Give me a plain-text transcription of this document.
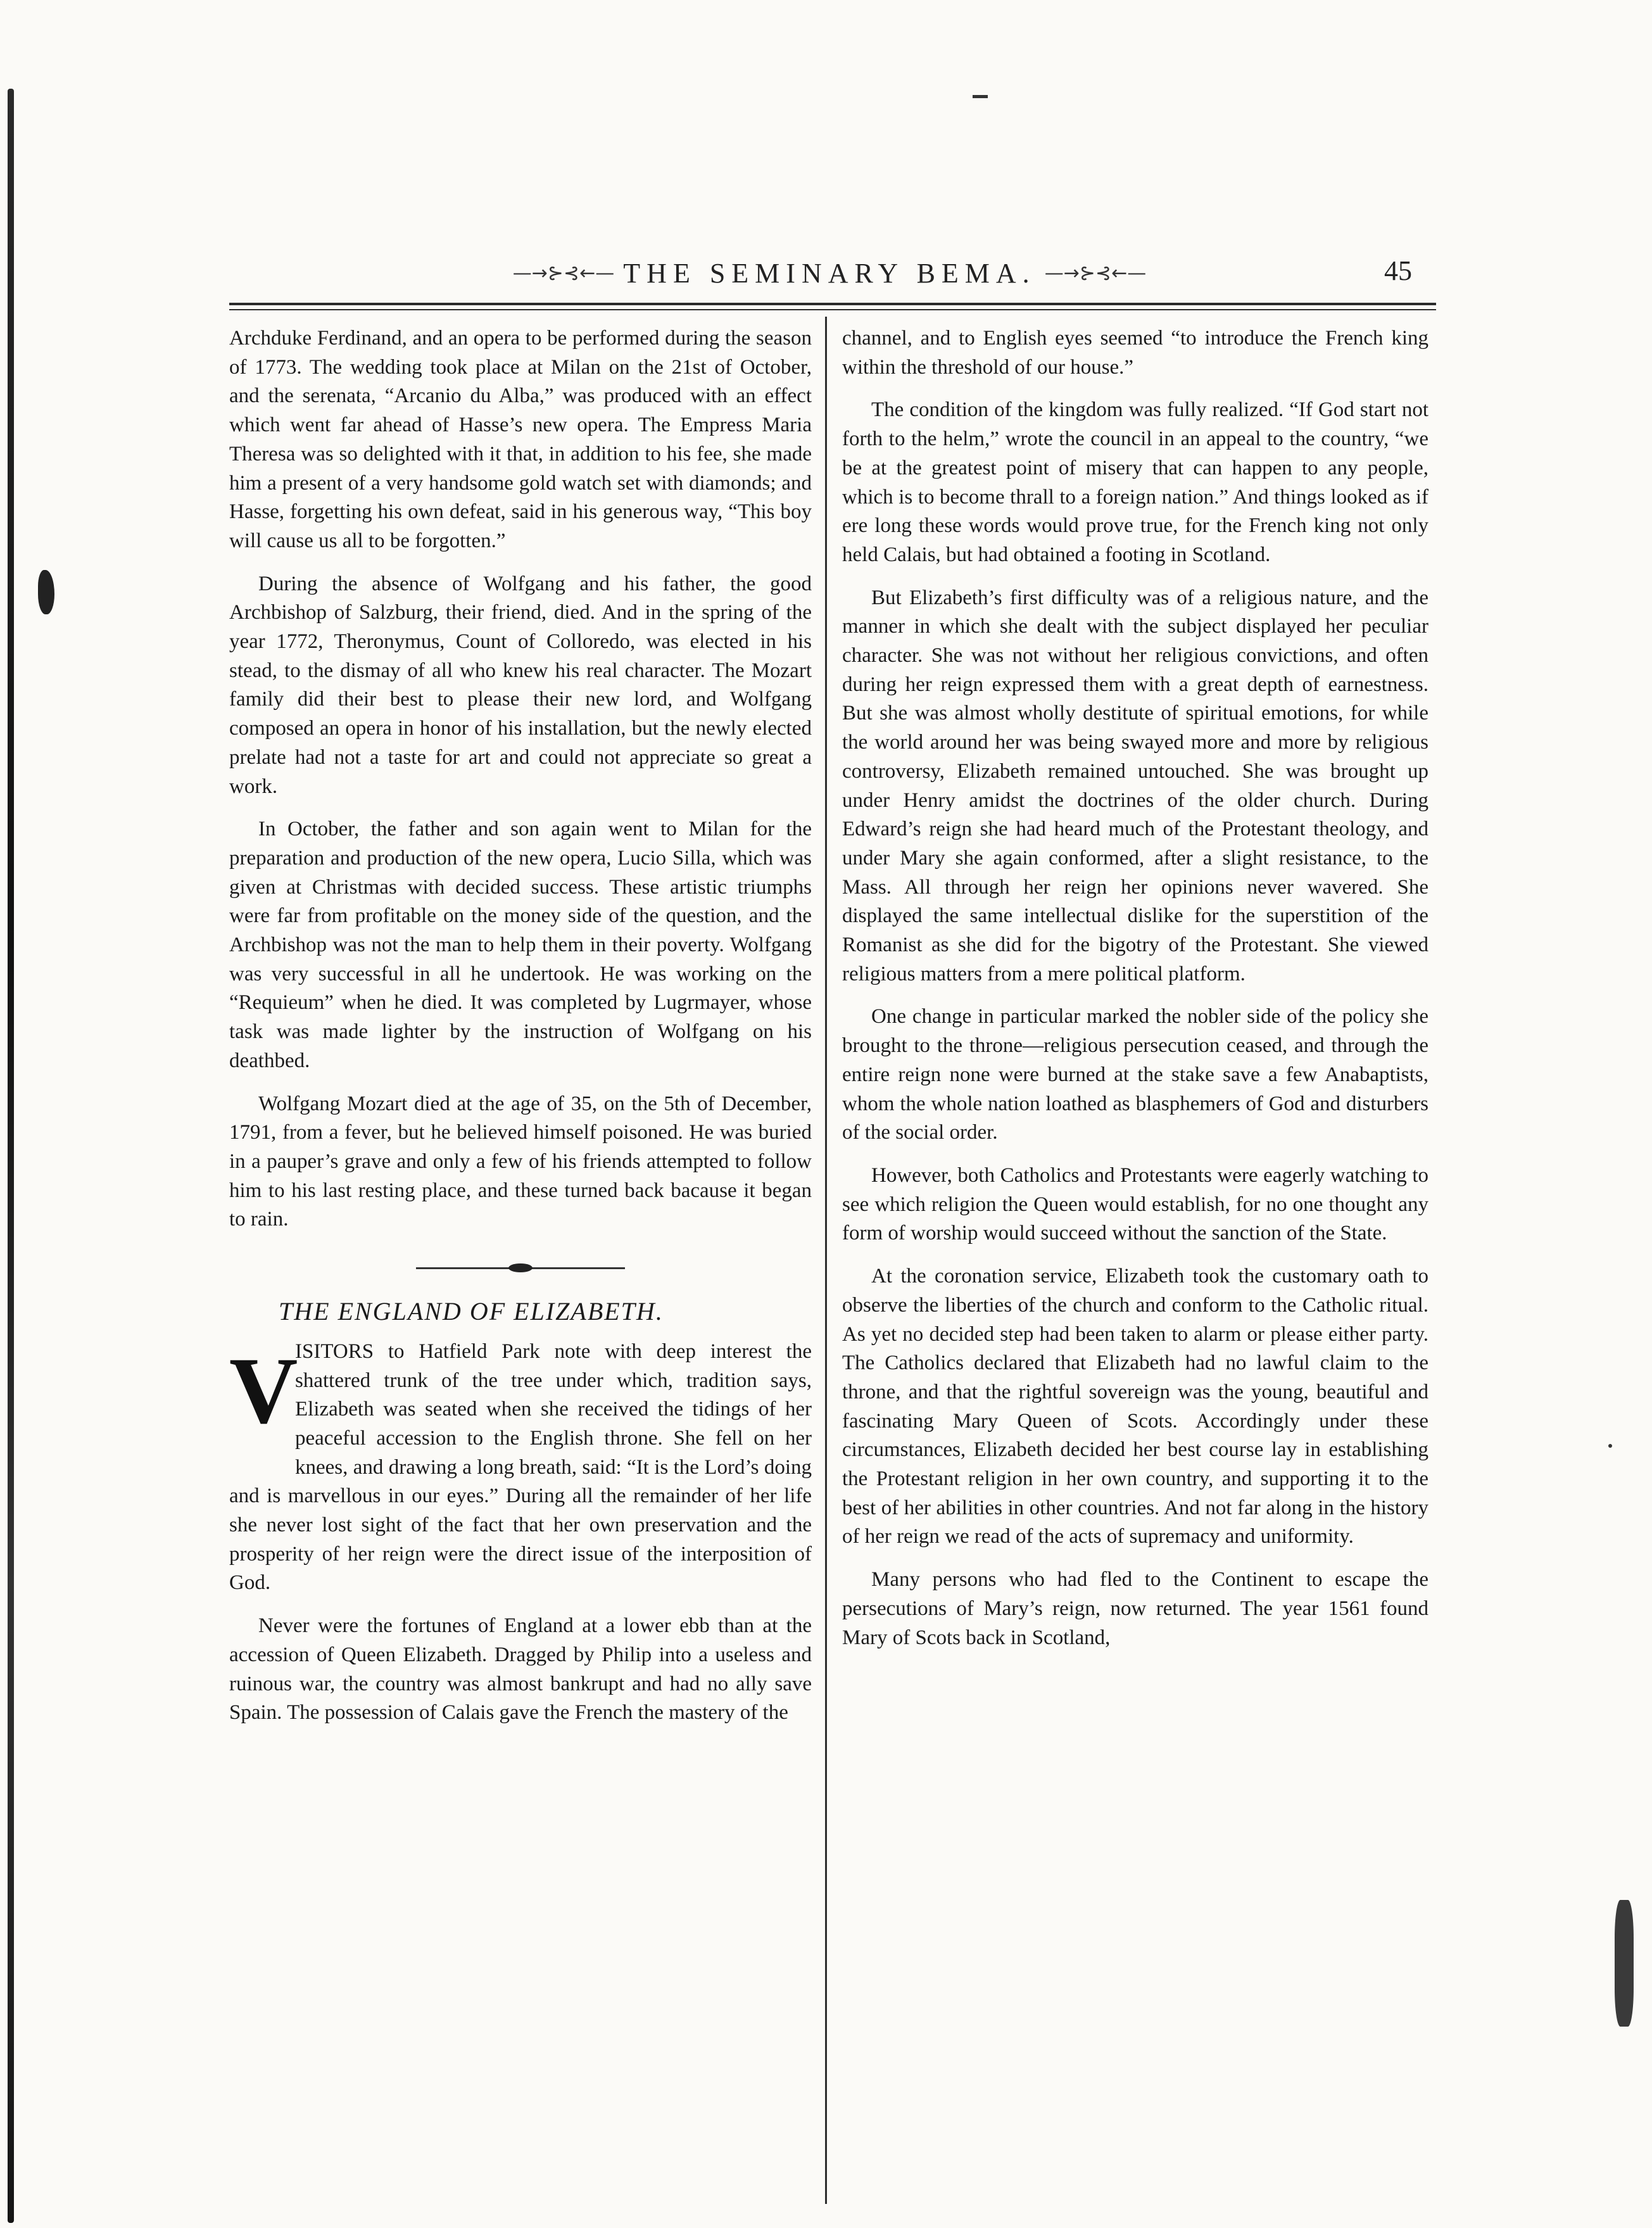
—→⊱⊰←— THE SEMINARY BEMA. —→⊱⊰←—	45

Archduke Ferdinand, and an opera to be performed during the season of 1773. The wedding took place at Milan on the 21st of October, and the serenata, “Arcanio du Alba,” was produced with an effect which went far ahead of Hasse’s new opera. The Empress Maria Theresa was so delighted with it that, in addition to his fee, she made him a present of a very handsome gold watch set with diamonds; and Hasse, forgetting his own defeat, said in his generous way, “This boy will cause us all to be forgotten.”

During the absence of Wolfgang and his father, the good Archbishop of Salzburg, their friend, died. And in the spring of the year 1772, Theronymus, Count of Colloredo, was elected in his stead, to the dismay of all who knew his real character. The Mozart family did their best to please their new lord, and Wolfgang composed an opera in honor of his installation, but the newly elected prelate had not a taste for art and could not appreciate so great a work.

In October, the father and son again went to Milan for the preparation and production of the new opera, Lucio Silla, which was given at Christmas with decided success. These artistic triumphs were far from profitable on the money side of the question, and the Archbishop was not the man to help them in their poverty. Wolfgang was very successful in all he undertook. He was working on the “Requieum” when he died. It was completed by Lugrmayer, whose task was made lighter by the instruction of Wolfgang on his deathbed.

Wolfgang Mozart died at the age of 35, on the 5th of December, 1791, from a fever, but he believed himself poisoned. He was buried in a pauper’s grave and only a few of his friends attempted to follow him to his last resting place, and these turned back bacause it began to rain.

THE ENGLAND OF ELIZABETH.

V
ISITORS to Hatfield Park note with deep interest the shattered trunk of the tree under which, tradition says, Elizabeth was seated when she received the tidings of her peaceful accession to the English throne. She fell on her knees, and drawing a long breath, said: “It is the Lord’s doing and is marvellous in our eyes.” During all the remainder of her life she never lost sight of the fact that her own preservation and the prosperity of her reign were the direct issue of the interposition of God.

Never were the fortunes of England at a lower ebb than at the accession of Queen Elizabeth. Dragged by Philip into a useless and ruinous war, the country was almost bankrupt and had no ally save Spain. The possession of Calais gave the French the mastery of the

channel, and to English eyes seemed “to introduce the French king within the threshold of our house.”

The condition of the kingdom was fully realized. “If God start not forth to the helm,” wrote the council in an appeal to the country, “we be at the greatest point of misery that can happen to any people, which is to become thrall to a foreign nation.” And things looked as if ere long these words would prove true, for the French king not only held Calais, but had obtained a footing in Scotland.

But Elizabeth’s first difficulty was of a religious nature, and the manner in which she dealt with the subject displayed her peculiar character. She was not without her religious convictions, and often during her reign expressed them with a great depth of earnestness. But she was almost wholly destitute of spiritual emotions, for while the world around her was being swayed more and more by religious controversy, Elizabeth remained untouched. She was brought up under Henry amidst the doctrines of the older church. During Edward’s reign she had heard much of the Protestant theology, and under Mary she again conformed, after a slight resistance, to the Mass. All through her reign her opinions never wavered. She displayed the same intellectual dislike for the superstition of the Romanist as she did for the bigotry of the Protestant. She viewed religious matters from a mere political platform.

One change in particular marked the nobler side of the policy she brought to the throne—religious persecution ceased, and through the entire reign none were burned at the stake save a few Anabaptists, whom the whole nation loathed as blasphemers of God and disturbers of the social order.

However, both Catholics and Protestants were eagerly watching to see which religion the Queen would establish, for no one thought any form of worship would succeed without the sanction of the State.

At the coronation service, Elizabeth took the customary oath to observe the liberties of the church and conform to the Catholic ritual. As yet no decided step had been taken to alarm or please either party. The Catholics declared that Elizabeth had no lawful claim to the throne, and that the rightful sovereign was the young, beautiful and fascinating Mary Queen of Scots. Accordingly under these circumstances, Elizabeth decided her best course lay in establishing the Protestant religion in her own country, and supporting it to the best of her abilities in other countries. And not far along in the history of her reign we read of the acts of supremacy and uniformity.

Many persons who had fled to the Continent to escape the persecutions of Mary’s reign, now returned. The year 1561 found Mary of Scots back in Scotland,
